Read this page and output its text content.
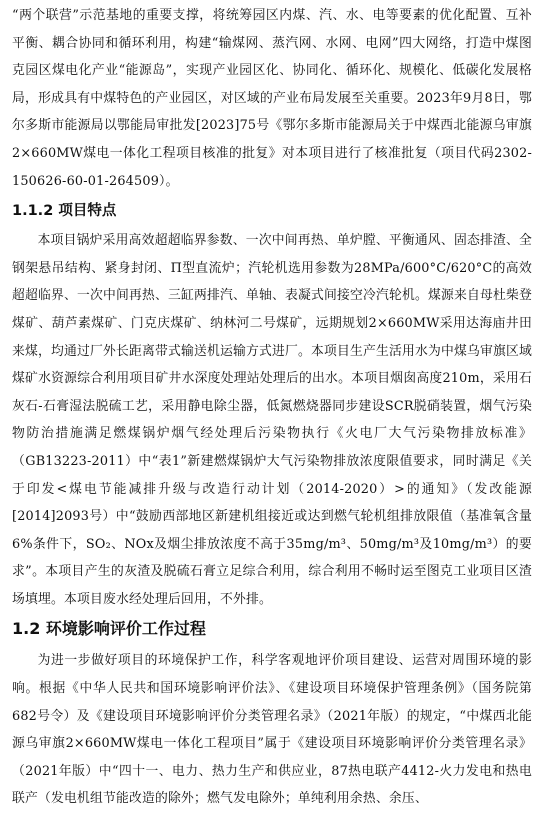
“两个联营”示范基地的重要支撑，将统筹园区内煤、汽、水、电等要素的优化配置、互补平衡、耦合协同和循环利用，构建“输煤网、蒸汽网、水网、电网”四大网络，打造中煤图克园区煤电化产业“能源岛”，实现产业园区化、协同化、循环化、规模化、低碳化发展格局，形成具有中煤特色的产业园区，对区域的产业布局发展至关重要。2023年9月8日，鄂尔多斯市能源局以鄂能局审批发[2023]75号《鄂尔多斯市能源局关于中煤西北能源乌审旗2×660MW煤电一体化工程项目核准的批复》对本项目进行了核准批复（项目代码2302-150626-60-01-264509）。

1.1.2 项目特点

本项目锅炉采用高效超超临界参数、一次中间再热、单炉膛、平衡通风、固态排渣、全钢架悬吊结构、紧身封闭、Π型直流炉；汽轮机选用参数为28MPa/600°C/620°C的高效超超临界、一次中间再热、三缸两排汽、单轴、表凝式间接空冷汽轮机。煤源来自母杜柴登煤矿、葫芦素煤矿、门克庆煤矿、纳林河二号煤矿，远期规划2×660MW采用达海庙井田来煤，均通过厂外长距离带式输送机运输方式进厂。本项目生产生活用水为中煤乌审旗区域煤矿水资源综合利用项目矿井水深度处理站处理后的出水。本项目烟囱高度210m，采用石灰石-石膏湿法脱硫工艺，采用静电除尘器，低氮燃烧器同步建设SCR脱硝装置，烟气污染物防治措施满足燃煤锅炉烟气经处理后污染物执行《火电厂大气污染物排放标准》（GB13223-2011）中“表1”新建燃煤锅炉大气污染物排放浓度限值要求，同时满足《关于印发<煤电节能减排升级与改造行动计划（2014-2020）>的通知》（发改能源[2014]2093号）中“鼓励西部地区新建机组接近或达到燃气轮机组排放限值（基准氧含量6%条件下，SO₂、NOx及烟尘排放浓度不高于35mg/m³、50mg/m³及10mg/m³）的要求”。本项目产生的灰渣及脱硫石膏立足综合利用，综合利用不畅时运至图克工业项目区渣场填埋。本项目废水经处理后回用，不外排。

1.2 环境影响评价工作过程

为进一步做好项目的环境保护工作，科学客观地评价项目建设、运营对周围环境的影响。根据《中华人民共和国环境影响评价法》、《建设项目环境保护管理条例》（国务院第682号令）及《建设项目环境影响评价分类管理名录》（2021年版）的规定，“中煤西北能源乌审旗2×660MW煤电一体化工程项目”属于《建设项目环境影响评价分类管理名录》（2021年版）中“四十一、电力、热力生产和供应业，87热电联产4412-火力发电和热电联产（发电机组节能改造的除外；燃气发电除外；单纯利用余热、余压、
